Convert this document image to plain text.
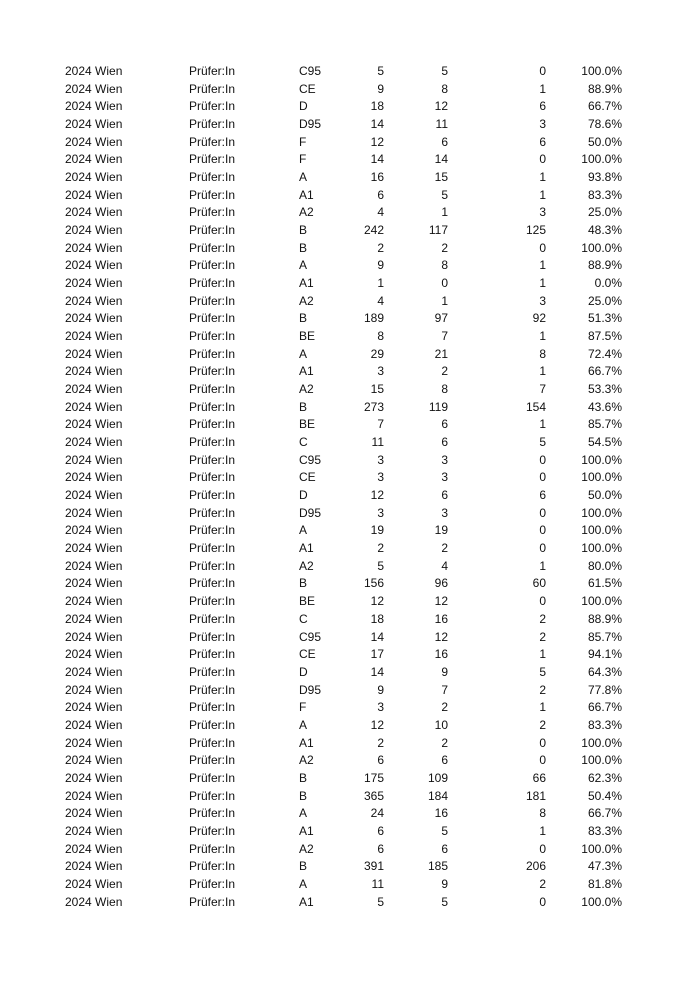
2024 Wien	Prüfer:In	C95	5	5	0	100.0%
2024 Wien	Prüfer:In	CE	9	8	1	88.9%
2024 Wien	Prüfer:In	D	18	12	6	66.7%
2024 Wien	Prüfer:In	D95	14	11	3	78.6%
2024 Wien	Prüfer:In	F	12	6	6	50.0%
2024 Wien	Prüfer:In	F	14	14	0	100.0%
2024 Wien	Prüfer:In	A	16	15	1	93.8%
2024 Wien	Prüfer:In	A1	6	5	1	83.3%
2024 Wien	Prüfer:In	A2	4	1	3	25.0%
2024 Wien	Prüfer:In	B	242	117	125	48.3%
2024 Wien	Prüfer:In	B	2	2	0	100.0%
2024 Wien	Prüfer:In	A	9	8	1	88.9%
2024 Wien	Prüfer:In	A1	1	0	1	0.0%
2024 Wien	Prüfer:In	A2	4	1	3	25.0%
2024 Wien	Prüfer:In	B	189	97	92	51.3%
2024 Wien	Prüfer:In	BE	8	7	1	87.5%
2024 Wien	Prüfer:In	A	29	21	8	72.4%
2024 Wien	Prüfer:In	A1	3	2	1	66.7%
2024 Wien	Prüfer:In	A2	15	8	7	53.3%
2024 Wien	Prüfer:In	B	273	119	154	43.6%
2024 Wien	Prüfer:In	BE	7	6	1	85.7%
2024 Wien	Prüfer:In	C	11	6	5	54.5%
2024 Wien	Prüfer:In	C95	3	3	0	100.0%
2024 Wien	Prüfer:In	CE	3	3	0	100.0%
2024 Wien	Prüfer:In	D	12	6	6	50.0%
2024 Wien	Prüfer:In	D95	3	3	0	100.0%
2024 Wien	Prüfer:In	A	19	19	0	100.0%
2024 Wien	Prüfer:In	A1	2	2	0	100.0%
2024 Wien	Prüfer:In	A2	5	4	1	80.0%
2024 Wien	Prüfer:In	B	156	96	60	61.5%
2024 Wien	Prüfer:In	BE	12	12	0	100.0%
2024 Wien	Prüfer:In	C	18	16	2	88.9%
2024 Wien	Prüfer:In	C95	14	12	2	85.7%
2024 Wien	Prüfer:In	CE	17	16	1	94.1%
2024 Wien	Prüfer:In	D	14	9	5	64.3%
2024 Wien	Prüfer:In	D95	9	7	2	77.8%
2024 Wien	Prüfer:In	F	3	2	1	66.7%
2024 Wien	Prüfer:In	A	12	10	2	83.3%
2024 Wien	Prüfer:In	A1	2	2	0	100.0%
2024 Wien	Prüfer:In	A2	6	6	0	100.0%
2024 Wien	Prüfer:In	B	175	109	66	62.3%
2024 Wien	Prüfer:In	B	365	184	181	50.4%
2024 Wien	Prüfer:In	A	24	16	8	66.7%
2024 Wien	Prüfer:In	A1	6	5	1	83.3%
2024 Wien	Prüfer:In	A2	6	6	0	100.0%
2024 Wien	Prüfer:In	B	391	185	206	47.3%
2024 Wien	Prüfer:In	A	11	9	2	81.8%
2024 Wien	Prüfer:In	A1	5	5	0	100.0%
